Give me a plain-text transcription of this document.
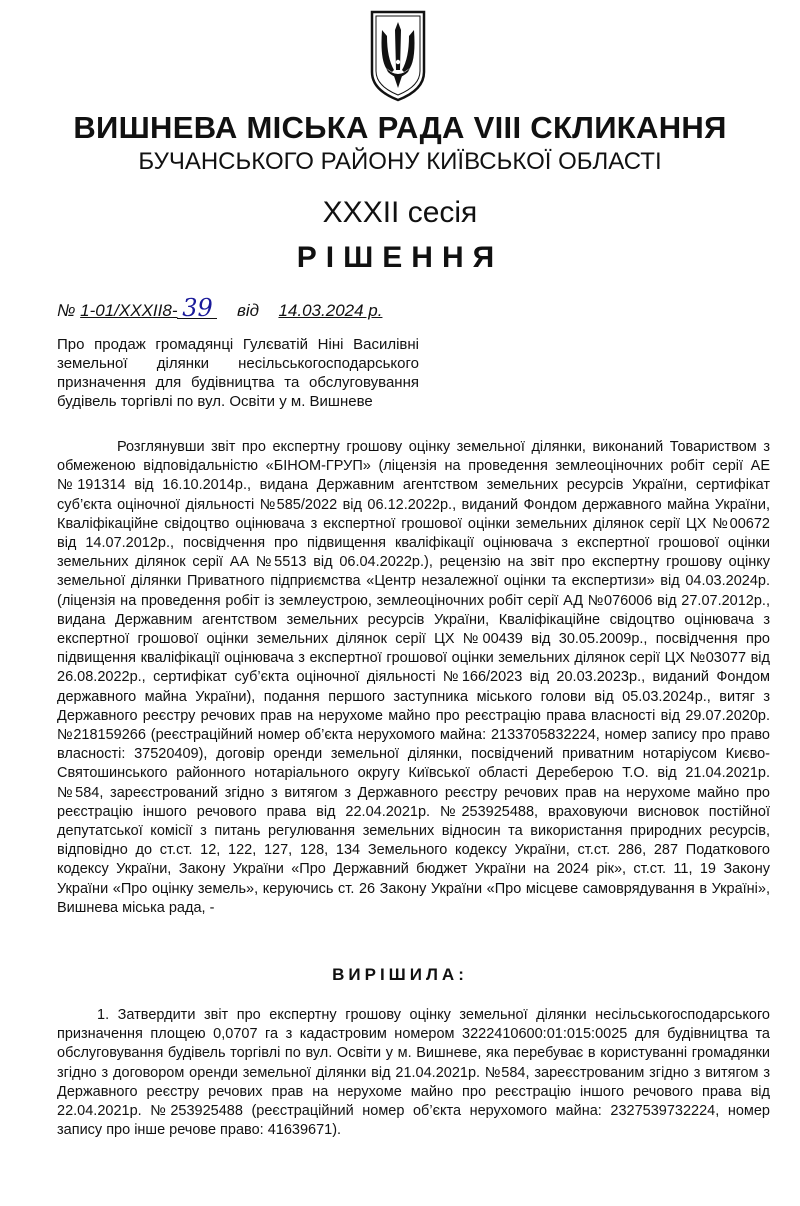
ВИШНЕВА МІСЬКА РАДА VIII СКЛИКАННЯ
БУЧАНСЬКОГО РАЙОНУ КИЇВСЬКОЇ ОБЛАСТІ
XXXII сесія
РІШЕННЯ
№ 1-01/XXXII8- 39 від 14.03.2024 р.
Про продаж громадянці Гулєватій Ніні Василівні земельної ділянки несільськогосподарського призначення для будівництва та обслуговування будівель торгівлі по вул. Освіти у м. Вишневе
Розглянувши звіт про експертну грошову оцінку земельної ділянки, виконаний Товариством з обмеженою відповідальністю «БІНОМ-ГРУП» (ліцензія на проведення землеоціночних робіт серії АЕ №191314 від 16.10.2014р., видана Державним агентством земельних ресурсів України, сертифікат суб’єкта оціночної діяльності №585/2022 від 06.12.2022р., виданий Фондом державного майна України, Кваліфікаційне свідоцтво оцінювача з експертної грошової оцінки земельних ділянок серії ЦХ №00672 від 14.07.2012р., посвідчення про підвищення кваліфікації оцінювача з експертної грошової оцінки земельних ділянок серії АА №5513 від 06.04.2022р.), рецензію на звіт про експертну грошову оцінку земельної ділянки Приватного підприємства «Центр незалежної оцінки та експертизи» від 04.03.2024р. (ліцензія на проведення робіт із землеустрою, землеоціночних робіт серії АД №076006 від 27.07.2012р., видана Державним агентством земельних ресурсів України, Кваліфікаційне свідоцтво оцінювача з експертної грошової оцінки земельних ділянок серії ЦХ №00439 від 30.05.2009р., посвідчення про підвищення кваліфікації оцінювача з експертної грошової оцінки земельних ділянок серії ЦХ №03077 від 26.08.2022р., сертифікат суб’єкта оціночної діяльності №166/2023 від 20.03.2023р., виданий Фондом державного майна України), подання першого заступника міського голови від 05.03.2024р., витяг з Державного реєстру речових прав на нерухоме майно про реєстрацію права власності від 29.07.2020р. №218159266 (реєстраційний номер об’єкта нерухомого майна: 2133705832224, номер запису про право власності: 37520409), договір оренди земельної ділянки, посвідчений приватним нотаріусом Києво-Святошинського районного нотаріального округу Київської області Дереберою Т.О. від 21.04.2021р. №584, зареєстрований згідно з витягом з Державного реєстру речових прав на нерухоме майно про реєстрацію іншого речового права від 22.04.2021р. №253925488, враховуючи висновок постійної депутатської комісії з питань регулювання земельних відносин та використання природних ресурсів, відповідно до ст.ст. 12, 122, 127, 128, 134 Земельного кодексу України, ст.ст. 286, 287 Податкового кодексу України, Закону України «Про Державний бюджет України на 2024 рік», ст.ст. 11, 19 Закону України «Про оцінку земель», керуючись ст. 26 Закону України «Про місцеве самоврядування в Україні», Вишнева міська рада, -
ВИРІШИЛА:
1. Затвердити звіт про експертну грошову оцінку земельної ділянки несільськогосподарського призначення площею 0,0707 га з кадастровим номером 3222410600:01:015:0025 для будівництва та обслуговування будівель торгівлі по вул. Освіти у м. Вишневе, яка перебуває в користуванні громадянки згідно з договором оренди земельної ділянки від 21.04.2021р. №584, зареєстрованим згідно з витягом з Державного реєстру речових прав на нерухоме майно про реєстрацію іншого речового права від 22.04.2021р. №253925488 (реєстраційний номер об’єкта нерухомого майна: 2327539732224, номер запису про інше речове право: 41639671).
